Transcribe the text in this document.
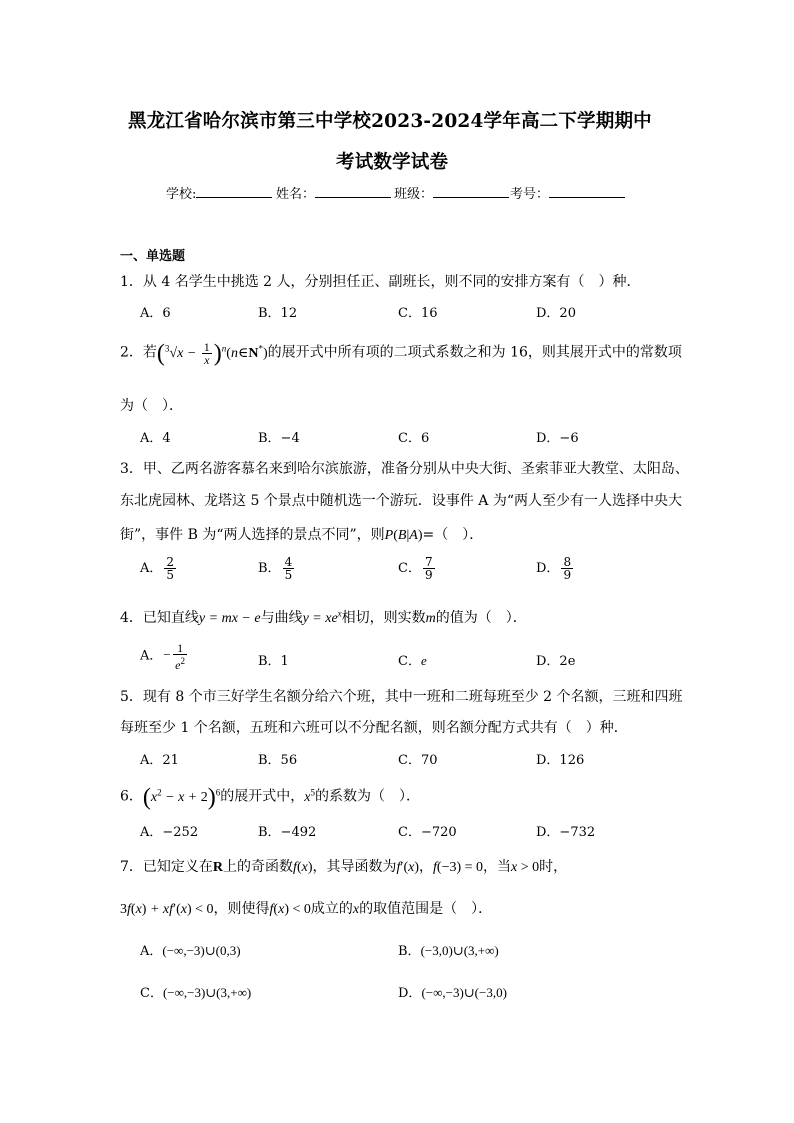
黑龙江省哈尔滨市第三中学校2023-2024学年高二下学期期中
考试数学试卷
学校:	姓名：	班级：	考号：
一、单选题
1．从 4 名学生中挑选 2 人，分别担任正、副班长，则不同的安排方案有（　）种．
A．6	B．12	C．16	D．20
2．若($^3√x - \frac{1}{x}$ )$^n(n\in N^*)$的展开式中所有项的二项式系数之和为 16，则其展开式中的常数项
为（　）．
A．4	B．−4	C．6	D．−6
3．甲、乙两名游客慕名来到哈尔滨旅游，准备分别从中央大街、圣索菲亚大教堂、太阳岛、
东北虎园林、龙塔这 5 个景点中随机选一个游玩．设事件 A 为“两人至少有一人选择中央大
街”，事件 B 为“两人选择的景点不同”，则P(B|A)=（　）．
A． $\frac{2}{5}$	B． $\frac{4}{5}$	C． $\frac{7}{9}$	D． $\frac{8}{9}$
4．已知直线y = mx − e与曲线$y = xe^x$相切，则实数m的值为（　）．
A．− $\frac{1}{e^2}$	B．1	C．e	D．2e
5．现有 8 个市三好学生名额分给六个班，其中一班和二班每班至少 2 个名额，三班和四班
每班至少 1 个名额，五班和六班可以不分配名额，则名额分配方式共有（　）种．
A．21	B．56	C．70	D．126
6．$(x^2 - x + 2)^6$的展开式中，$x^5$的系数为（　）．
A．−252	B．−492	C．−720	D．−732
7．已知定义在R上的奇函数f(x)，其导函数为f′(x)，f(−3) = 0，当x > 0时，
3f(x) + xf′(x) < 0，则使得f(x) < 0成立的x的取值范围是（　）．
A．(−∞,−3)∪(0,3)	B．(−3,0)∪(3,+∞)
C．(−∞,−3)∪(3,+∞)	D．(−∞,−3)∪(−3,0)
